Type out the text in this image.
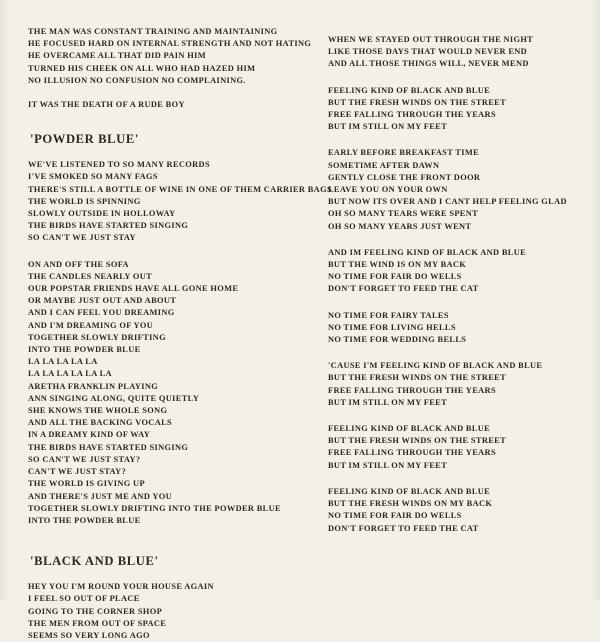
THE MAN WAS CONSTANT TRAINING AND MAINTAINING
HE FOCUSED HARD ON INTERNAL STRENGTH AND NOT HATING
HE OVERCAME ALL THAT DID PAIN HIM
TURNED HIS CHEEK ON ALL WHO HAD HAZED HIM
NO ILLUSION NO CONFUSION NO COMPLAINING.
IT WAS THE DEATH OF A RUDE BOY
'POWDER BLUE'
WE'VE LISTENED TO SO MANY RECORDS
I'VE SMOKED SO MANY FAGS
THERE'S STILL A BOTTLE OF WINE IN ONE OF THEM CARRIER BAGS
THE WORLD IS SPINNING
SLOWLY OUTSIDE IN HOLLOWAY
THE BIRDS HAVE STARTED SINGING
SO CAN'T WE JUST STAY
ON AND OFF THE SOFA
THE CANDLES NEARLY OUT
OUR POPSTAR FRIENDS HAVE ALL GONE HOME
OR MAYBE JUST OUT AND ABOUT
AND I CAN FEEL YOU DREAMING
AND I'M DREAMING OF YOU
TOGETHER SLOWLY DRIFTING
INTO THE POWDER BLUE
LA LA LA LA LA
LA LA LA LA LA LA
ARETHA FRANKLIN PLAYING
ANN SINGING ALONG, QUITE QUIETLY
SHE KNOWS THE WHOLE SONG
AND ALL THE BACKING VOCALS
IN A DREAMY KIND OF WAY
THE BIRDS HAVE STARTED SINGING
SO CAN'T WE JUST STAY?
CAN'T WE JUST STAY?
THE WORLD IS GIVING UP
AND THERE'S JUST ME AND YOU
TOGETHER SLOWLY DRIFTING INTO THE POWDER BLUE
INTO THE POWDER BLUE
'BLACK AND BLUE'
HEY YOU I'M ROUND YOUR HOUSE AGAIN
I FEEL SO OUT OF PLACE
GOING TO THE CORNER SHOP
THE MEN FROM OUT OF SPACE
SEEMS SO VERY LONG AGO
WHEN WE STAYED OUT THROUGH THE NIGHT
LIKE THOSE DAYS THAT WOULD NEVER END
AND ALL THOSE THINGS WILL, NEVER MEND
FEELING KIND OF BLACK AND BLUE
BUT THE FRESH WINDS ON THE STREET
FREE FALLING THROUGH THE YEARS
BUT IM STILL ON MY FEET
EARLY BEFORE BREAKFAST TIME
SOMETIME AFTER DAWN
GENTLY CLOSE THE FRONT DOOR
LEAVE YOU ON YOUR OWN
BUT NOW ITS OVER AND I CANT HELP FEELING GLAD
OH SO MANY TEARS WERE SPENT
OH SO MANY YEARS JUST WENT
AND IM FEELING KIND OF BLACK AND BLUE
BUT THE WIND IS ON MY BACK
NO TIME FOR FAIR DO WELLS
DON'T FORGET TO FEED THE CAT
NO TIME FOR FAIRY TALES
NO TIME FOR LIVING HELLS
NO TIME FOR WEDDING BELLS
'CAUSE I'M FEELING KIND OF BLACK AND BLUE
BUT THE FRESH WINDS ON THE STREET
FREE FALLING THROUGH THE YEARS
BUT IM STILL ON MY FEET
FEELING KIND OF BLACK AND BLUE
BUT THE FRESH WINDS ON THE STREET
FREE FALLING THROUGH THE YEARS
BUT IM STILL ON MY FEET
FEELING KIND OF BLACK AND BLUE
BUT THE FRESH WINDS ON MY BACK
NO TIME FOR FAIR DO WELLS
DON'T FORGET TO FEED THE CAT
